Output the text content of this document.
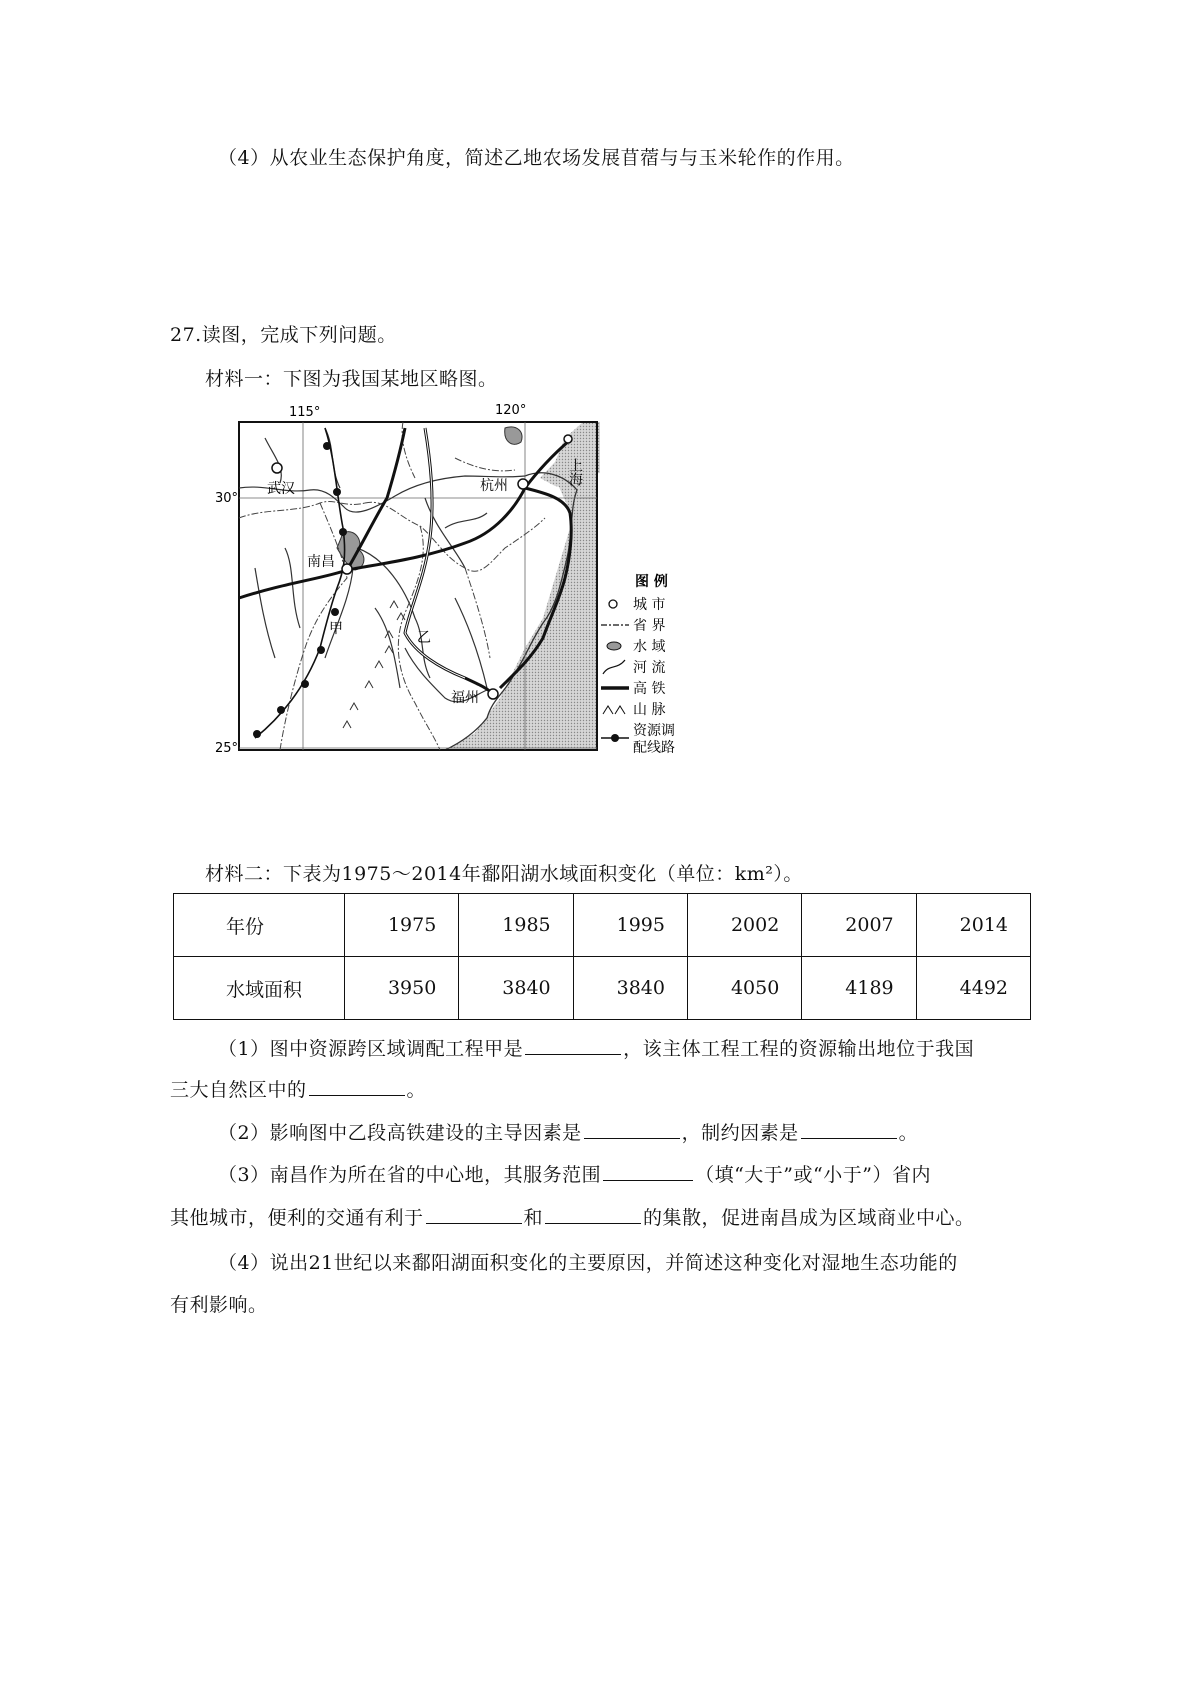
（4）从农业生态保护角度，简述乙地农场发展苜蓿与与玉米轮作的作用。
27.读图，完成下列问题。
材料一：下图为我国某地区略图。
115°	120°
30°
25°
武汉	杭州
南昌
福州
上海
甲
乙
图 例
城 市
省 界
水 域
河 流
高 铁
山 脉
资源调
配线路
材料二：下表为1975～2014年鄱阳湖水域面积变化（单位：km²）。
年份	1975	1985	1995	2002	2007	2014
水域面积	3950	3840	3840	4050	4189	4492
（1）图中资源跨区域调配工程甲是	，该主体工程工程的资源输出地位于我国
三大自然区中的	。
（2）影响图中乙段高铁建设的主导因素是	，制约因素是	。
（3）南昌作为所在省的中心地，其服务范围	（填“大于”或“小于”）省内
其他城市，便利的交通有利于	和	的集散，促进南昌成为区域商业中心。
（4）说出21世纪以来鄱阳湖面积变化的主要原因，并简述这种变化对湿地生态功能的
有利影响。
